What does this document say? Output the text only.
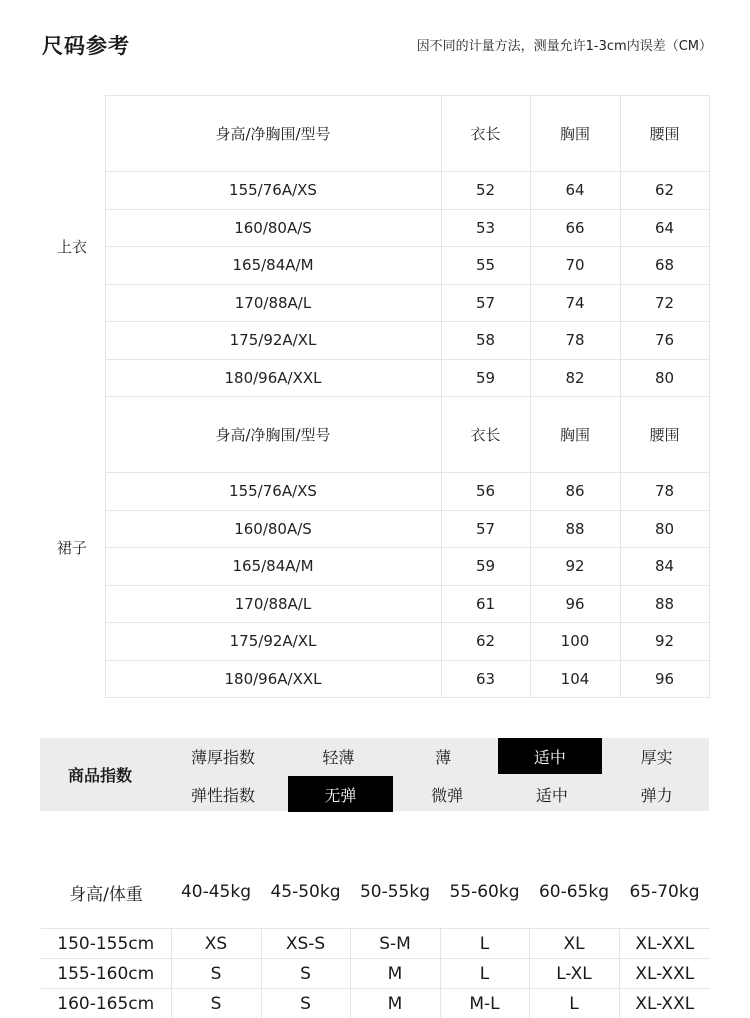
尺码参考	因不同的计量方法，测量允许1-3cm内误差（CM）
上衣	身高/净胸围/型号	衣长	胸围	腰围
	155/76A/XS	52	64	62
	160/80A/S	53	66	64
	165/84A/M	55	70	68
	170/88A/L	57	74	72
	175/92A/XL	58	78	76
	180/96A/XXL	59	82	80
裙子	身高/净胸围/型号	衣长	胸围	腰围
	155/76A/XS	56	86	78
	160/80A/S	57	88	80
	165/84A/M	59	92	84
	170/88A/L	61	96	88
	175/92A/XL	62	100	92
	180/96A/XXL	63	104	96
商品指数
薄厚指数	轻薄	薄	适中	厚实
弹性指数	无弹	微弹	适中	弹力
身高/体重	40-45kg	45-50kg	50-55kg	55-60kg	60-65kg	65-70kg

150-155cm	XS	XS-S	S-M	L	XL	XL-XXL
155-160cm	S	S	M	L	L-XL	XL-XXL
160-165cm	S	S	M	M-L	L	XL-XXL
